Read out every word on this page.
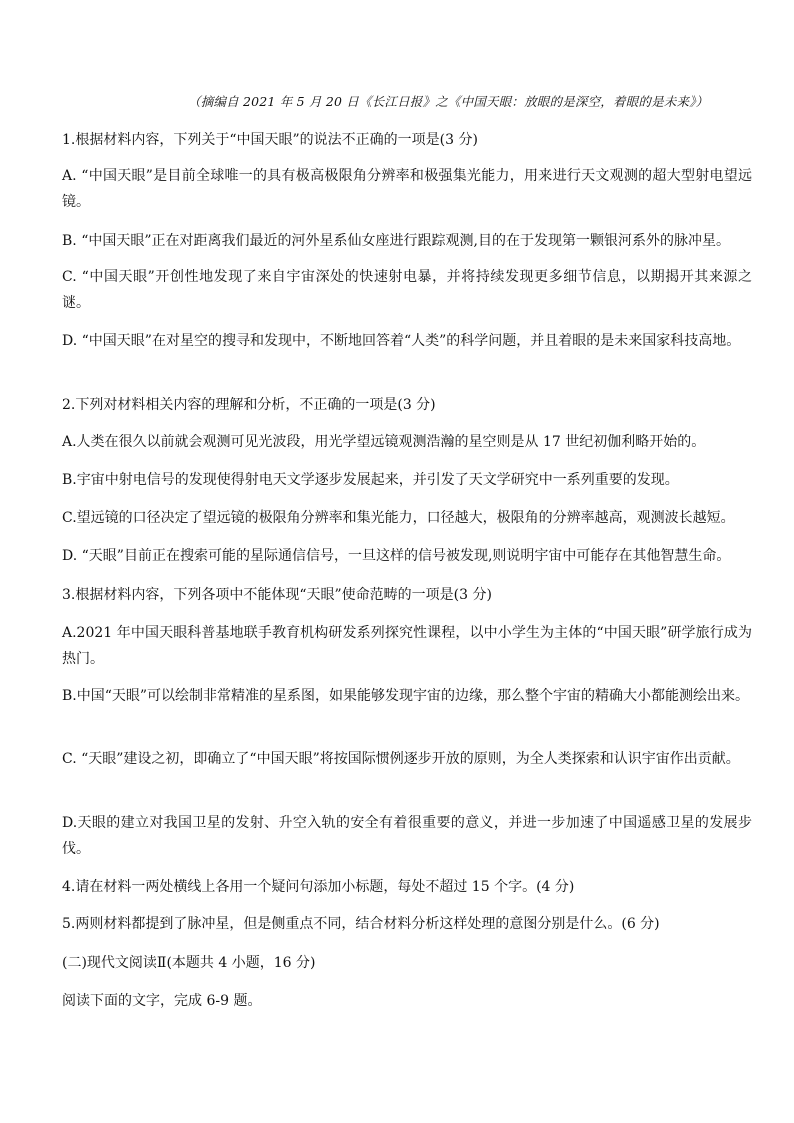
（摘编自 2021 年 5 月 20 日《长江日报》之《中国天眼：放眼的是深空，着眼的是未来》）
1.根据材料内容，下列关于“中国天眼”的说法不正确的一项是(3 分)
A. “中国天眼”是目前全球唯一的具有极高极限角分辨率和极强集光能力，用来进行天文观测的超大型射电望远镜。
B. “中国天眼”正在对距离我们最近的河外星系仙女座进行跟踪观测,目的在于发现第一颗银河系外的脉冲星。
C. “中国天眼”开创性地发现了来自宇宙深处的快速射电暴，并将持续发现更多细节信息，以期揭开其来源之谜。
D. “中国天眼”在对星空的搜寻和发现中，不断地回答着“人类”的科学问题，并且着眼的是未来国家科技高地。
2.下列对材料相关内容的理解和分析，不正确的一项是(3 分)
A.人类在很久以前就会观测可见光波段，用光学望远镜观测浩瀚的星空则是从 17 世纪初伽利略开始的。
B.宇宙中射电信号的发现使得射电天文学逐步发展起来，并引发了天文学研究中一系列重要的发现。
C.望远镜的口径决定了望远镜的极限角分辨率和集光能力，口径越大，极限角的分辨率越高，观测波长越短。
D. “天眼”目前正在搜索可能的星际通信信号，一旦这样的信号被发现,则说明宇宙中可能存在其他智慧生命。
3.根据材料内容，下列各项中不能体现“天眼”使命范畴的一项是(3 分)
A.2021 年中国天眼科普基地联手教育机构研发系列探究性课程，以中小学生为主体的“中国天眼”研学旅行成为热门。
B.中国“天眼”可以绘制非常精准的星系图，如果能够发现宇宙的边缘，那么整个宇宙的精确大小都能测绘出来。
C. “天眼”建设之初，即确立了“中国天眼”将按国际惯例逐步开放的原则，为全人类探索和认识宇宙作出贡献。
D.天眼的建立对我国卫星的发射、升空入轨的安全有着很重要的意义，并进一步加速了中国遥感卫星的发展步伐。
4.请在材料一两处横线上各用一个疑问句添加小标题，每处不超过 15 个字。(4 分)
5.两则材料都提到了脉冲星，但是侧重点不同，结合材料分析这样处理的意图分别是什么。(6 分)
(二)现代文阅读Ⅱ(本题共 4 小题，16 分)
阅读下面的文字，完成 6-9 题。
